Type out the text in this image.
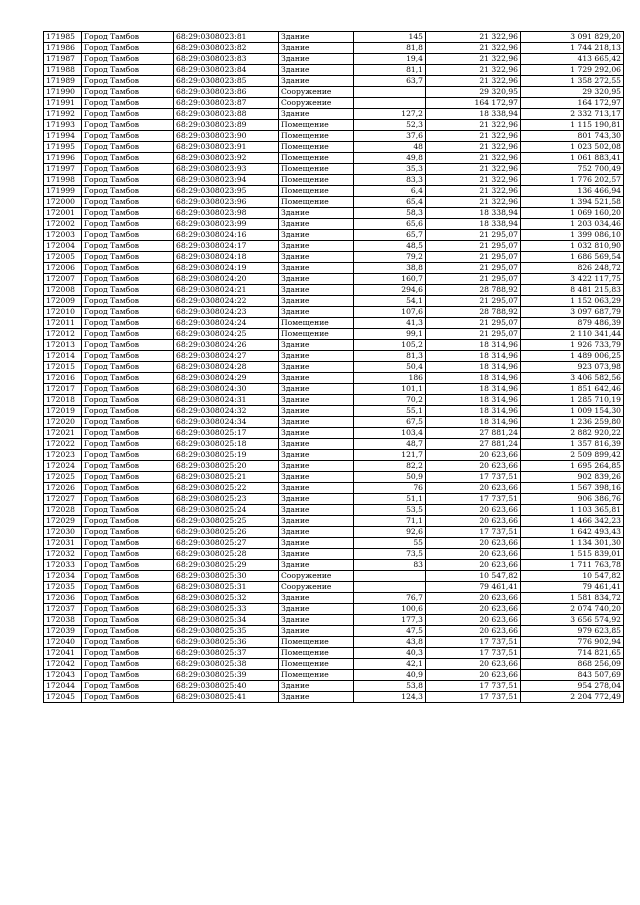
171985	Город Тамбов	68:29:0308023:81	Здание	145	21 322,96	3 091 829,20
171986	Город Тамбов	68:29:0308023:82	Здание	81,8	21 322,96	1 744 218,13
171987	Город Тамбов	68:29:0308023:83	Здание	19,4	21 322,96	413 665,42
171988	Город Тамбов	68:29:0308023:84	Здание	81,1	21 322,96	1 729 292,06
171989	Город Тамбов	68:29:0308023:85	Здание	63,7	21 322,96	1 358 272,55
171990	Город Тамбов	68:29:0308023:86	Сооружение		29 320,95	29 320,95
171991	Город Тамбов	68:29:0308023:87	Сооружение		164 172,97	164 172,97
171992	Город Тамбов	68:29:0308023:88	Здание	127,2	18 338,94	2 332 713,17
171993	Город Тамбов	68:29:0308023:89	Помещение	52,3	21 322,96	1 115 190,81
171994	Город Тамбов	68:29:0308023:90	Помещение	37,6	21 322,96	801 743,30
171995	Город Тамбов	68:29:0308023:91	Помещение	48	21 322,96	1 023 502,08
171996	Город Тамбов	68:29:0308023:92	Помещение	49,8	21 322,96	1 061 883,41
171997	Город Тамбов	68:29:0308023:93	Помещение	35,3	21 322,96	752 700,49
171998	Город Тамбов	68:29:0308023:94	Помещение	83,3	21 322,96	1 776 202,57
171999	Город Тамбов	68:29:0308023:95	Помещение	6,4	21 322,96	136 466,94
172000	Город Тамбов	68:29:0308023:96	Помещение	65,4	21 322,96	1 394 521,58
172001	Город Тамбов	68:29:0308023:98	Здание	58,3	18 338,94	1 069 160,20
172002	Город Тамбов	68:29:0308023:99	Здание	65,6	18 338,94	1 203 034,46
172003	Город Тамбов	68:29:0308024:16	Здание	65,7	21 295,07	1 399 086,10
172004	Город Тамбов	68:29:0308024:17	Здание	48,5	21 295,07	1 032 810,90
172005	Город Тамбов	68:29:0308024:18	Здание	79,2	21 295,07	1 686 569,54
172006	Город Тамбов	68:29:0308024:19	Здание	38,8	21 295,07	826 248,72
172007	Город Тамбов	68:29:0308024:20	Здание	160,7	21 295,07	3 422 117,75
172008	Город Тамбов	68:29:0308024:21	Здание	294,6	28 788,92	8 481 215,83
172009	Город Тамбов	68:29:0308024:22	Здание	54,1	21 295,07	1 152 063,29
172010	Город Тамбов	68:29:0308024:23	Здание	107,6	28 788,92	3 097 687,79
172011	Город Тамбов	68:29:0308024:24	Помещение	41,3	21 295,07	879 486,39
172012	Город Тамбов	68:29:0308024:25	Помещение	99,1	21 295,07	2 110 341,44
172013	Город Тамбов	68:29:0308024:26	Здание	105,2	18 314,96	1 926 733,79
172014	Город Тамбов	68:29:0308024:27	Здание	81,3	18 314,96	1 489 006,25
172015	Город Тамбов	68:29:0308024:28	Здание	50,4	18 314,96	923 073,98
172016	Город Тамбов	68:29:0308024:29	Здание	186	18 314,96	3 406 582,56
172017	Город Тамбов	68:29:0308024:30	Здание	101,1	18 314,96	1 851 642,46
172018	Город Тамбов	68:29:0308024:31	Здание	70,2	18 314,96	1 285 710,19
172019	Город Тамбов	68:29:0308024:32	Здание	55,1	18 314,96	1 009 154,30
172020	Город Тамбов	68:29:0308024:34	Здание	67,5	18 314,96	1 236 259,80
172021	Город Тамбов	68:29:0308025:17	Здание	103,4	27 881,24	2 882 920,22
172022	Город Тамбов	68:29:0308025:18	Здание	48,7	27 881,24	1 357 816,39
172023	Город Тамбов	68:29:0308025:19	Здание	121,7	20 623,66	2 509 899,42
172024	Город Тамбов	68:29:0308025:20	Здание	82,2	20 623,66	1 695 264,85
172025	Город Тамбов	68:29:0308025:21	Здание	50,9	17 737,51	902 839,26
172026	Город Тамбов	68:29:0308025:22	Здание	76	20 623,66	1 567 398,16
172027	Город Тамбов	68:29:0308025:23	Здание	51,1	17 737,51	906 386,76
172028	Город Тамбов	68:29:0308025:24	Здание	53,5	20 623,66	1 103 365,81
172029	Город Тамбов	68:29:0308025:25	Здание	71,1	20 623,66	1 466 342,23
172030	Город Тамбов	68:29:0308025:26	Здание	92,6	17 737,51	1 642 493,43
172031	Город Тамбов	68:29:0308025:27	Здание	55	20 623,66	1 134 301,30
172032	Город Тамбов	68:29:0308025:28	Здание	73,5	20 623,66	1 515 839,01
172033	Город Тамбов	68:29:0308025:29	Здание	83	20 623,66	1 711 763,78
172034	Город Тамбов	68:29:0308025:30	Сооружение		10 547,82	10 547,82
172035	Город Тамбов	68:29:0308025:31	Сооружение		79 461,41	79 461,41
172036	Город Тамбов	68:29:0308025:32	Здание	76,7	20 623,66	1 581 834,72
172037	Город Тамбов	68:29:0308025:33	Здание	100,6	20 623,66	2 074 740,20
172038	Город Тамбов	68:29:0308025:34	Здание	177,3	20 623,66	3 656 574,92
172039	Город Тамбов	68:29:0308025:35	Здание	47,5	20 623,66	979 623,85
172040	Город Тамбов	68:29:0308025:36	Помещение	43,8	17 737,51	776 902,94
172041	Город Тамбов	68:29:0308025:37	Помещение	40,3	17 737,51	714 821,65
172042	Город Тамбов	68:29:0308025:38	Помещение	42,1	20 623,66	868 256,09
172043	Город Тамбов	68:29:0308025:39	Помещение	40,9	20 623,66	843 507,69
172044	Город Тамбов	68:29:0308025:40	Здание	53,8	17 737,51	954 278,04
172045	Город Тамбов	68:29:0308025:41	Здание	124,3	17 737,51	2 204 772,49
